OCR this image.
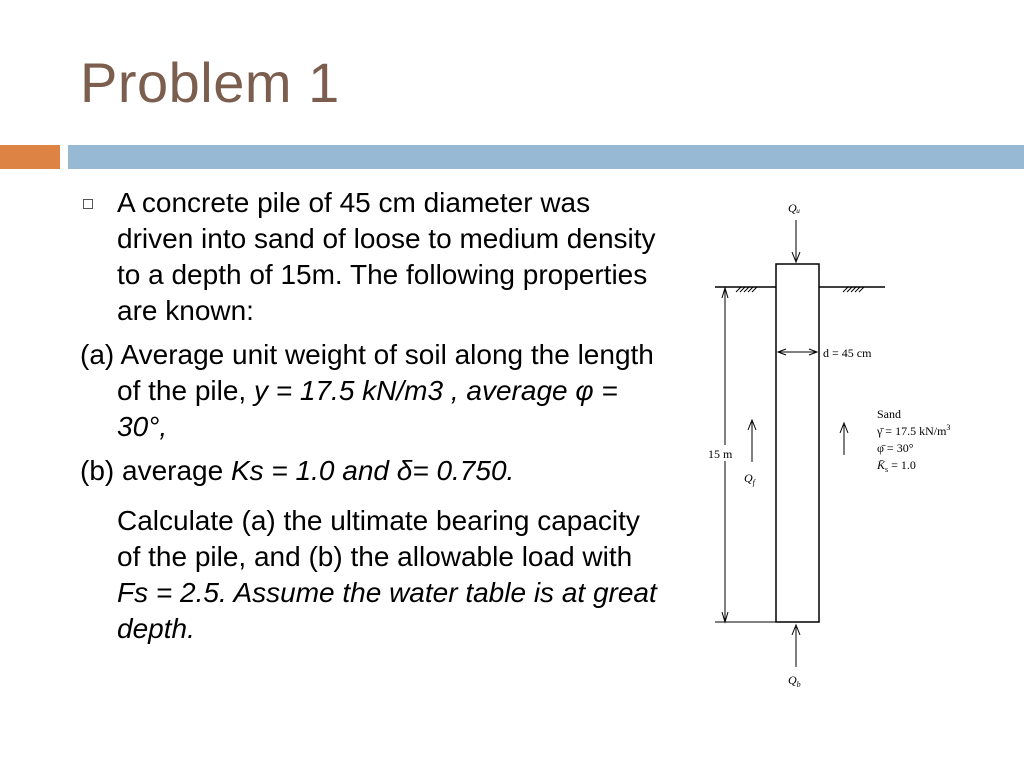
Problem 1
A concrete pile of 45 cm diameter was driven into sand of loose to medium density to a depth of 15m. The following properties are known:
(a) Average unit weight of soil along the length of the pile, y = 17.5 kN/m3 , average φ = 30°,
(b) average Ks = 1.0 and δ= 0.750.
Calculate (a) the ultimate bearing capacity of the pile, and (b) the allowable load with Fs = 2.5. Assume the water table is at great depth.
Qᵤ
15 m
d = 45 cm
$Q_f$
Sand
γ̄ = 17.5 $kN/m^3$
φ̄ = 30°
$K̄_s = 1.0$
$Q_b$
